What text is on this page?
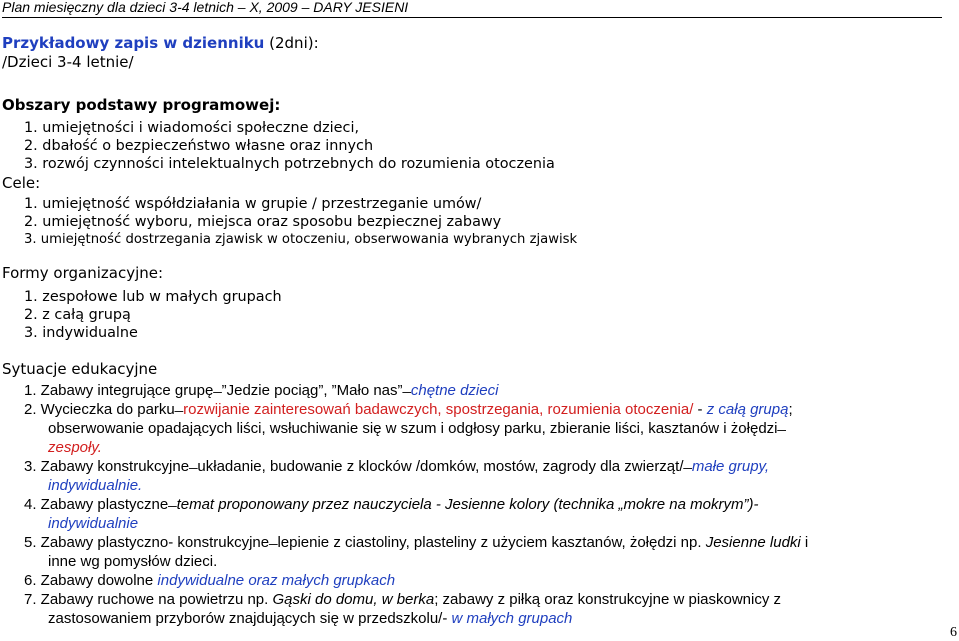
Plan miesięczny dla dzieci 3-4 letnich – X, 2009 – DARY JESIENI
Przykładowy zapis w dzienniku (2dni):
/Dzieci 3-4 letnie/
Obszary podstawy programowej:
1. umiejętności i wiadomości społeczne dzieci,
2. dbałość o bezpieczeństwo własne oraz innych
3. rozwój czynności intelektualnych potrzebnych do rozumienia otoczenia
Cele:
1. umiejętność współdziałania w grupie / przestrzeganie umów/
2. umiejętność wyboru, miejsca oraz sposobu bezpiecznej zabawy
3. umiejętność dostrzegania zjawisk w otoczeniu, obserwowania wybranych zjawisk
Formy organizacyjne:
1. zespołowe lub w małych grupach
2. z całą grupą
3. indywidualne
Sytuacje edukacyjne
1. Zabawy integrujące grupę ̶ ”Jedzie pociąg”, ”Mało nas” ̶ chętne dzieci
2. Wycieczka do parku ̶ rozwijanie zainteresowań badawczych, spostrzegania, rozumienia otoczenia/ - z całą grupą;
obserwowanie opadających liści, wsłuchiwanie się w szum i odgłosy parku, zbieranie liści, kasztanów i żołędzi ̶
zespoły.
3. Zabawy konstrukcyjne ̶ układanie, budowanie z klocków /domków, mostów, zagrody dla zwierząt/ ̶ małe grupy,
indywidualnie.
4. Zabawy plastyczne ̶ temat proponowany przez nauczyciela - Jesienne kolory (technika „mokre na mokrym”)-
indywidualnie
5. Zabawy plastyczno- konstrukcyjne ̶ lepienie z ciastoliny, plasteliny z użyciem kasztanów, żołędzi np. Jesienne ludki i
inne wg pomysłów dzieci.
6. Zabawy dowolne indywidualne oraz małych grupkach
7. Zabawy ruchowe na powietrzu np. Gąski do domu, w berka; zabawy z piłką oraz konstrukcyjne w piaskownicy z
zastosowaniem przyborów znajdujących się w przedszkolu/- w małych grupach
6
